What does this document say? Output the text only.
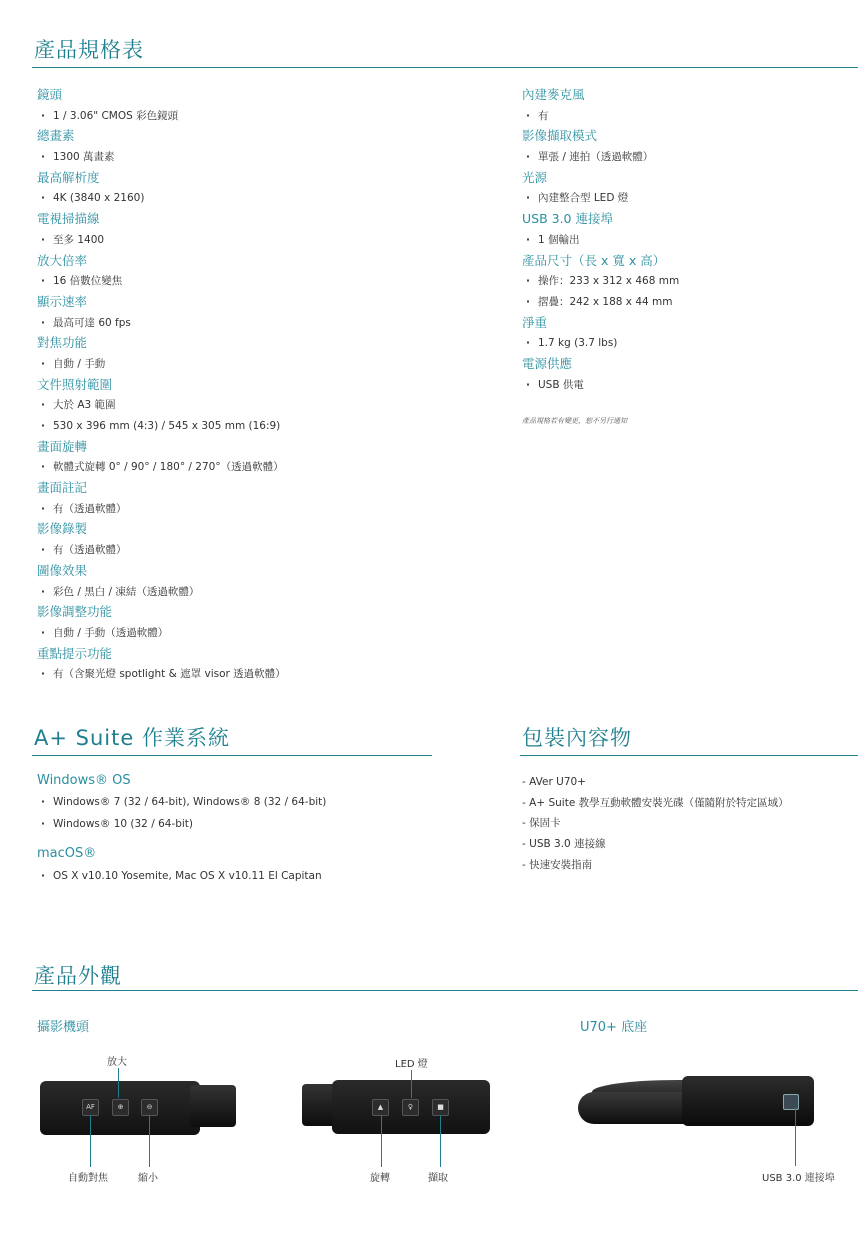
產品規格表
鏡頭
· 1 / 3.06" CMOS 彩色鏡頭
總畫素
· 1300 萬畫素
最高解析度
· 4K (3840 x 2160)
電視掃描線
· 至多 1400
放大倍率
· 16 倍數位變焦
顯示速率
· 最高可達 60 fps
對焦功能
· 自動 / 手動
文件照射範圍
· 大於 A3 範圍
· 530 x 396 mm (4:3) / 545 x 305 mm (16:9)
畫面旋轉
· 軟體式旋轉 0° / 90° / 180° / 270°（透過軟體）
畫面註記
· 有（透過軟體）
影像錄製
· 有（透過軟體）
圖像效果
· 彩色 / 黑白 / 凍結（透過軟體）
影像調整功能
· 自動 / 手動（透過軟體）
重點提示功能
· 有（含聚光燈 spotlight & 遮罩 visor 透過軟體）
內建麥克風
· 有
影像擷取模式
· 單張 / 連拍（透過軟體）
光源
· 內建整合型 LED 燈
USB 3.0 連接埠
· 1 個輸出
產品尺寸（長 x 寬 x 高）
· 操作：233 x 312 x 468 mm
· 摺疊：242 x 188 x 44 mm
淨重
· 1.7 kg (3.7 lbs)
電源供應
· USB 供電
產品規格若有變更，恕不另行通知
A+ Suite 作業系統
Windows® OS
· Windows® 7 (32 / 64-bit), Windows® 8 (32 / 64-bit)
· Windows® 10 (32 / 64-bit)
macOS®
· OS X v10.10 Yosemite, Mac OS X v10.11 El Capitan
包裝內容物
- AVer U70+
- A+ Suite 教學互動軟體安裝光碟（僅隨附於特定區域）
- 保固卡
- USB 3.0 連接線
- 快速安裝指南
產品外觀
攝影機頭	U70+ 底座
AF	⊕	⊖
放大
自動對焦	縮小
▲	♀	■
LED 燈
旋轉	擷取	USB 3.0 連接埠
